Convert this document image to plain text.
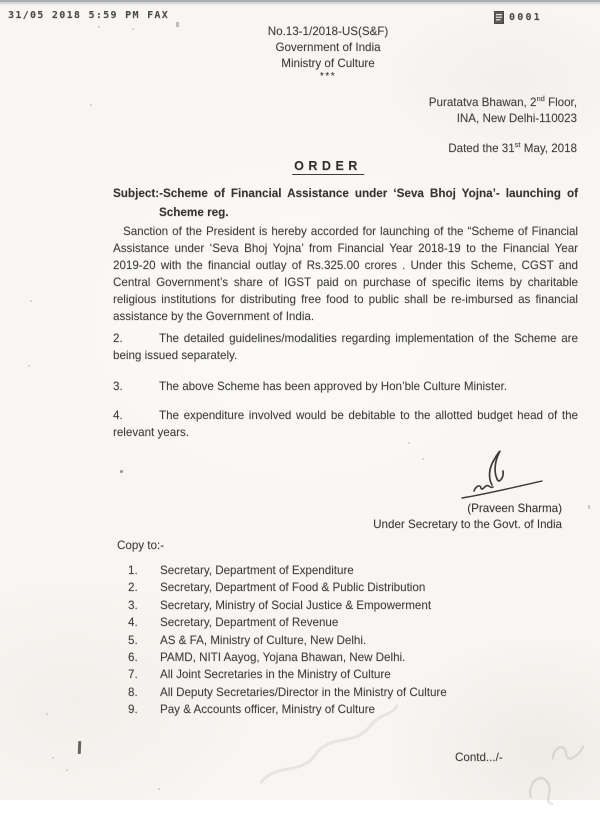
31/05 2018 5:59 PM FAX	0001
No.13-1/2018-US(S&F)
Government of India
Ministry of Culture
***
Puratatva Bhawan, 2nd Floor,
INA, New Delhi-110023
Dated the 31st May, 2018
ORDER
Subject:-Scheme of Financial Assistance under ‘Seva Bhoj Yojna’- launching of
Scheme reg.
Sanction of the President is hereby accorded for launching of the “Scheme of Financial Assistance under ‘Seva Bhoj Yojna’ from Financial Year 2018-19 to the Financial Year 2019-20 with the financial outlay of Rs.325.00 crores . Under this Scheme, CGST and Central Government’s share of IGST paid on purchase of specific items by charitable religious institutions for distributing free food to public shall be re-imbursed as financial assistance by the Government of India.
2.	The detailed guidelines/modalities regarding implementation of the Scheme are being issued separately.
3.	The above Scheme has been approved by Hon’ble Culture Minister.
4.	The expenditure involved would be debitable to the allotted budget head of the relevant years.
(Praveen Sharma)
Under Secretary to the Govt. of India
Copy to:-
1. Secretary, Department of Expenditure
2. Secretary, Department of Food & Public Distribution
3. Secretary, Ministry of Social Justice & Empowerment
4. Secretary, Department of Revenue
5. AS & FA, Ministry of Culture, New Delhi.
6. PAMD, NITI Aayog, Yojana Bhawan, New Delhi.
7. All Joint Secretaries in the Ministry of Culture
8. All Deputy Secretaries/Director in the Ministry of Culture
9. Pay & Accounts officer, Ministry of Culture
Contd.../-
